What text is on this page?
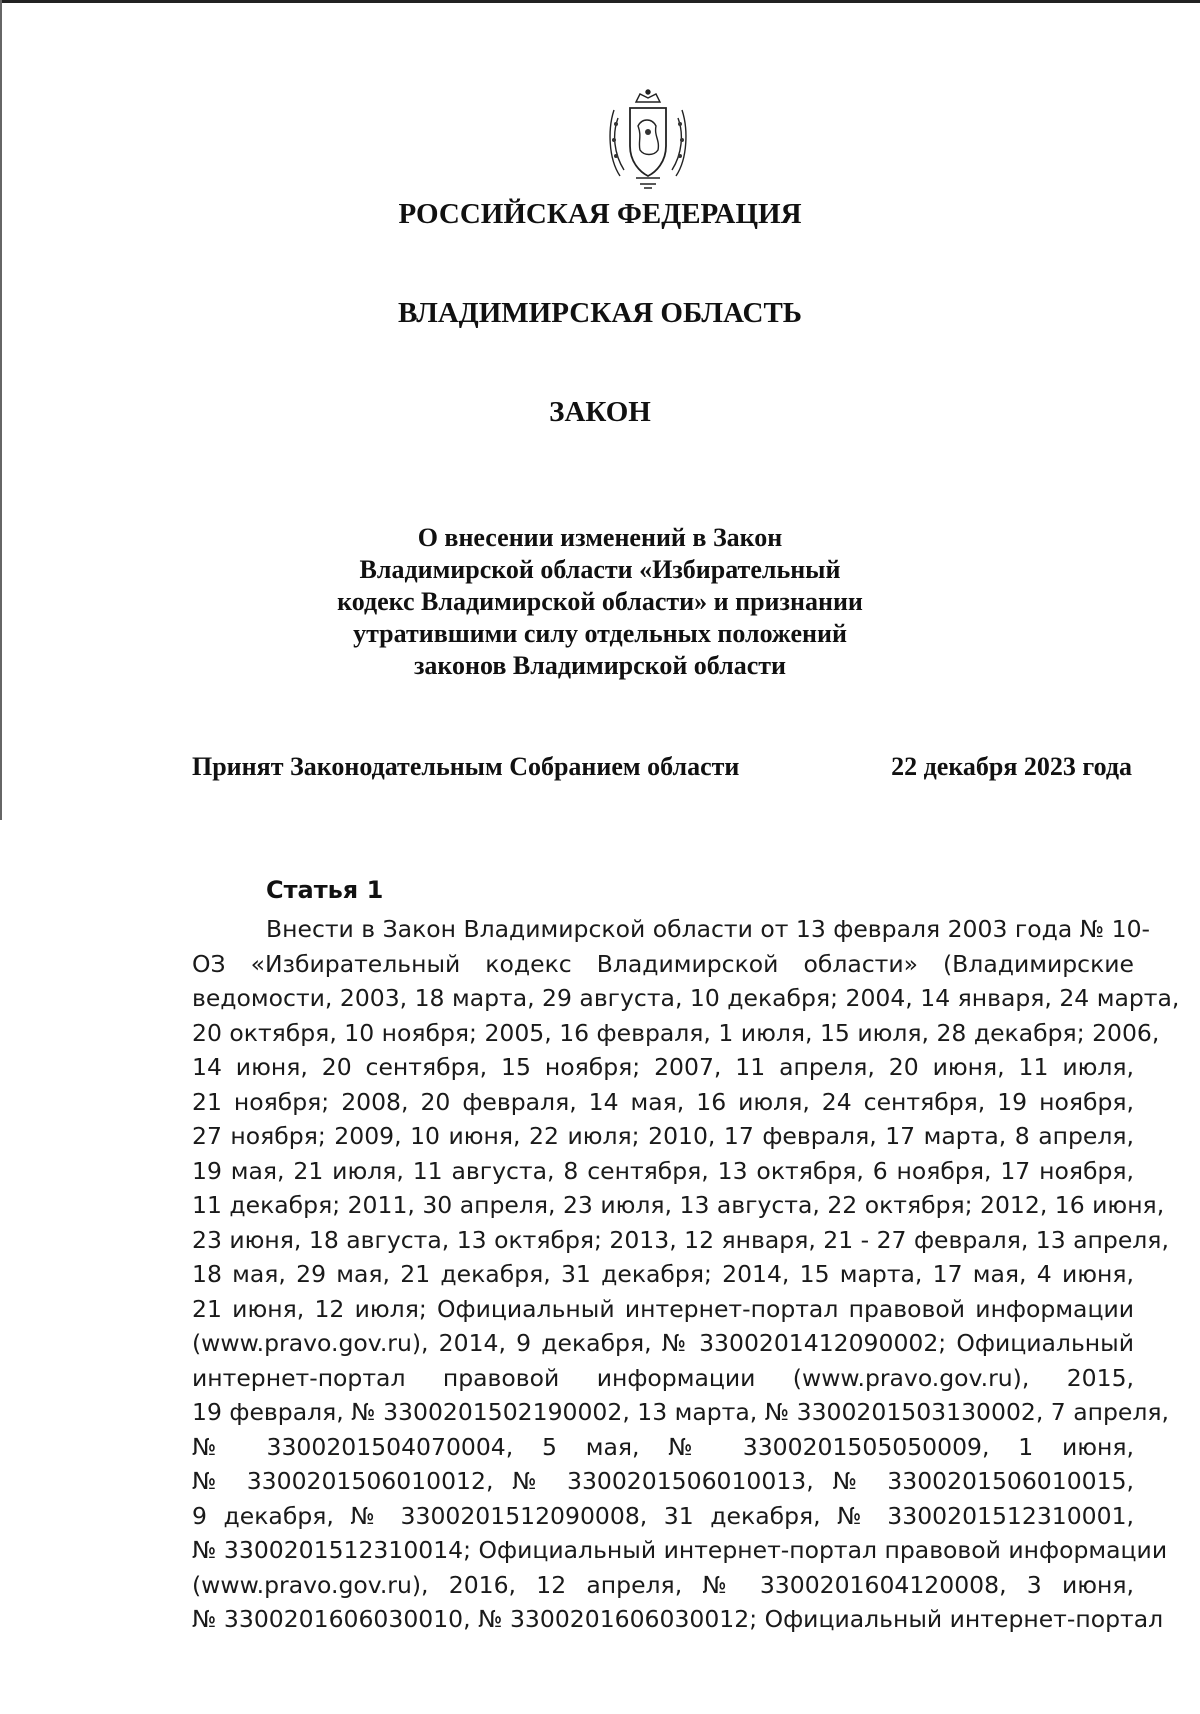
РОССИЙСКАЯ ФЕДЕРАЦИЯ
ВЛАДИМИРСКАЯ ОБЛАСТЬ
ЗАКОН
О внесении изменений в Закон
Владимирской области «Избирательный
кодекс Владимирской области» и признании
утратившими силу отдельных положений
законов Владимирской области
Принят Законодательным Собранием области	22 декабря 2023 года
Статья 1
Внести в Закон Владимирской области от 13 февраля 2003 года № 10-
ОЗ «Избирательный кодекс Владимирской области» (Владимирские
ведомости, 2003, 18 марта, 29 августа, 10 декабря; 2004, 14 января, 24 марта,
20 октября, 10 ноября; 2005, 16 февраля, 1 июля, 15 июля, 28 декабря; 2006,
14 июня, 20 сентября, 15 ноября; 2007, 11 апреля, 20 июня, 11 июля,
21 ноября; 2008, 20 февраля, 14 мая, 16 июля, 24 сентября, 19 ноября,
27 ноября; 2009, 10 июня, 22 июля; 2010, 17 февраля, 17 марта, 8 апреля,
19 мая, 21 июля, 11 августа, 8 сентября, 13 октября, 6 ноября, 17 ноября,
11 декабря; 2011, 30 апреля, 23 июля, 13 августа, 22 октября; 2012, 16 июня,
23 июня, 18 августа, 13 октября; 2013, 12 января, 21 - 27 февраля, 13 апреля,
18 мая, 29 мая, 21 декабря, 31 декабря; 2014, 15 марта, 17 мая, 4 июня,
21 июня, 12 июля; Официальный интернет-портал правовой информации
(www.pravo.gov.ru), 2014, 9 декабря, № 3300201412090002; Официальный
интернет-портал правовой информации (www.pravo.gov.ru), 2015,
19 февраля, № 3300201502190002, 13 марта, № 3300201503130002, 7 апреля,
№ 3300201504070004, 5 мая, № 3300201505050009, 1 июня,
№ 3300201506010012, № 3300201506010013, № 3300201506010015,
9 декабря, № 3300201512090008, 31 декабря, № 3300201512310001,
№ 3300201512310014; Официальный интернет-портал правовой информации
(www.pravo.gov.ru), 2016, 12 апреля, № 3300201604120008, 3 июня,
№ 3300201606030010, № 3300201606030012; Официальный интернет-портал
